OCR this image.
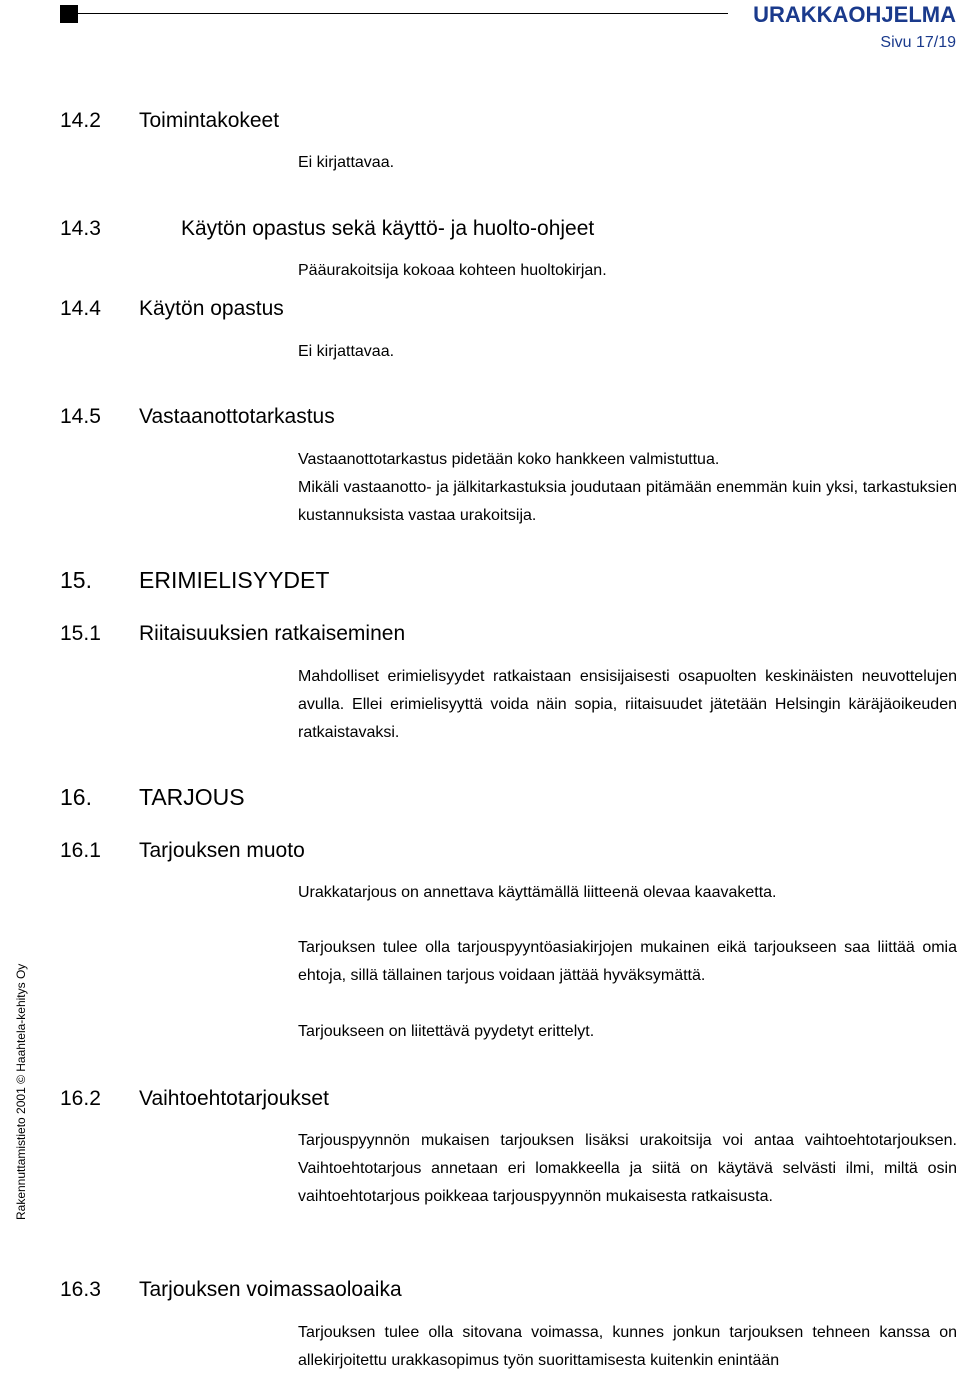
URAKKAOHJELMA
Sivu 17/19
Rakennuttamistieto 2001 © Haahtela-kehitys Oy
14.2 Toimintakokeet
Ei kirjattavaa.
14.3	Käytön opastus sekä käyttö- ja huolto-ohjeet
Pääurakoitsija kokoaa kohteen huoltokirjan.
14.4 Käytön opastus
Ei kirjattavaa.
14.5 Vastaanottotarkastus
Vastaanottotarkastus pidetään koko hankkeen valmistuttua.
Mikäli vastaanotto- ja jälkitarkastuksia joudutaan pitämään enemmän kuin yksi, tarkastuksien kustannuksista vastaa urakoitsija.
15. ERIMIELISYYDET
15.1 Riitaisuuksien ratkaiseminen
Mahdolliset erimielisyydet ratkaistaan ensisijaisesti osapuolten keskinäisten neuvottelujen avulla. Ellei erimielisyyttä voida näin sopia, riitaisuudet jätetään Helsingin käräjäoikeuden ratkaistavaksi.
16. TARJOUS
16.1 Tarjouksen muoto
Urakkatarjous on annettava käyttämällä liitteenä olevaa kaavaketta.
Tarjouksen tulee olla tarjouspyyntöasiakirjojen mukainen eikä tarjoukseen saa liittää omia ehtoja, sillä tällainen tarjous voidaan jättää hyväksymättä.
Tarjoukseen on liitettävä pyydetyt erittelyt.
16.2 Vaihtoehtotarjoukset
Tarjouspyynnön mukaisen tarjouksen lisäksi urakoitsija voi antaa vaihtoehtotarjouksen. Vaihtoehtotarjous annetaan eri lomakkeella ja siitä on käytävä selvästi ilmi, miltä osin vaihtoehtotarjous poikkeaa tarjouspyynnön mukaisesta ratkaisusta.
16.3 Tarjouksen voimassaoloaika
Tarjouksen tulee olla sitovana voimassa, kunnes jonkun tarjouksen tehneen kanssa on allekirjoitettu urakkasopimus työn suorittamisesta kuitenkin enintään
